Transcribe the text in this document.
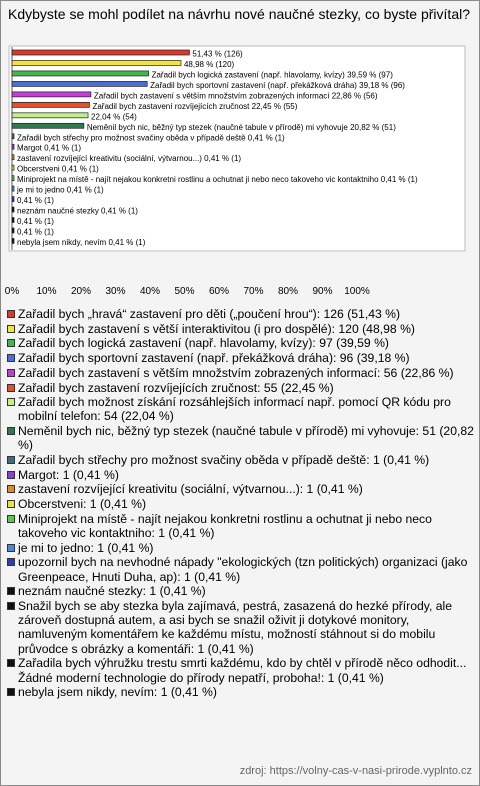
Kdybyste se mohl podílet na návrhu nové naučné stezky, co byste přivítal?
51,43 % (126)
48,98 % (120)
Zařadil bych logická zastavení (např. hlavolamy, kvízy) 39,59 % (97)
Zařadil bych sportovní zastavení (např. překážková dráha) 39,18 % (96)
Zařadil bych zastavení s větším množstvím zobrazených informací 22,86 % (56)
Zařadil bych zastavení rozvíjejících zručnost 22,45 % (55)
22,04 % (54)
Neměnil bych nic, běžný typ stezek (naučné tabule v přírodě) mi vyhovuje 20,82 % (51)
Zařadil bych střechy pro možnost svačiny oběda v případě deště 0,41 % (1)
Margot 0,41 % (1)
zastavení rozvíjející kreativitu (sociální, výtvarnou...) 0,41 % (1)
Obcerstveni 0,41 % (1)
Miniprojekt na místě - najít nejakou konkretni rostlinu a ochutnat ji nebo neco takoveho vic kontaktniho 0,41 % (1)
je mi to jedno 0,41 % (1)
0,41 % (1)
neznám naučné stezky 0,41 % (1)
0,41 % (1)
0,41 % (1)
nebyla jsem nikdy, nevím 0,41 % (1)
0% 10% 20% 30% 40% 50% 60% 70% 80% 90% 100%
Zařadil bych „hravá“ zastavení pro děti („poučení hrou“): 126 (51,43 %)
Zařadil bych zastavení s větší interaktivitou (i pro dospělé): 120 (48,98 %)
Zařadil bych logická zastavení (např. hlavolamy, kvízy): 97 (39,59 %)
Zařadil bych sportovní zastavení (např. překážková dráha): 96 (39,18 %)
Zařadil bych zastavení s větším množstvím zobrazených informací: 56 (22,86 %)
Zařadil bych zastavení rozvíjejících zručnost: 55 (22,45 %)
Zařadil bych možnost získání rozsáhlejších informací např. pomocí QR kódu pro mobilní telefon: 54 (22,04 %)
Neměnil bych nic, běžný typ stezek (naučné tabule v přírodě) mi vyhovuje: 51 (20,82 %)
Zařadil bych střechy pro možnost svačiny oběda v případě deště: 1 (0,41 %)
Margot: 1 (0,41 %)
zastavení rozvíjející kreativitu (sociální, výtvarnou...): 1 (0,41 %)
Obcerstveni: 1 (0,41 %)
Miniprojekt na místě - najít nejakou konkretni rostlinu a ochutnat ji nebo neco takoveho vic kontaktniho: 1 (0,41 %)
je mi to jedno: 1 (0,41 %)
upozornil bych na nevhodné nápady "ekologických (tzn politických) organizaci (jako Greenpeace, Hnuti Duha, ap): 1 (0,41 %)
neznám naučné stezky: 1 (0,41 %)
Snažil bych se aby stezka byla zajímavá, pestrá, zasazená do hezké přírody, ale zároveň dostupná autem, a asi bych se snažil oživit ji dotykové monitory, namluveným komentářem ke každému místu, možností stáhnout si do mobilu průvodce s obrázky a komentáři: 1 (0,41 %)
Zařadila bych výhružku trestu smrti každému, kdo by chtěl v přírodě něco odhodit... Žádné moderní technologie do přírody nepatří, proboha!: 1 (0,41 %)
nebyla jsem nikdy, nevím: 1 (0,41 %)
zdroj: https://volny-cas-v-nasi-prirode.vyplnto.cz
